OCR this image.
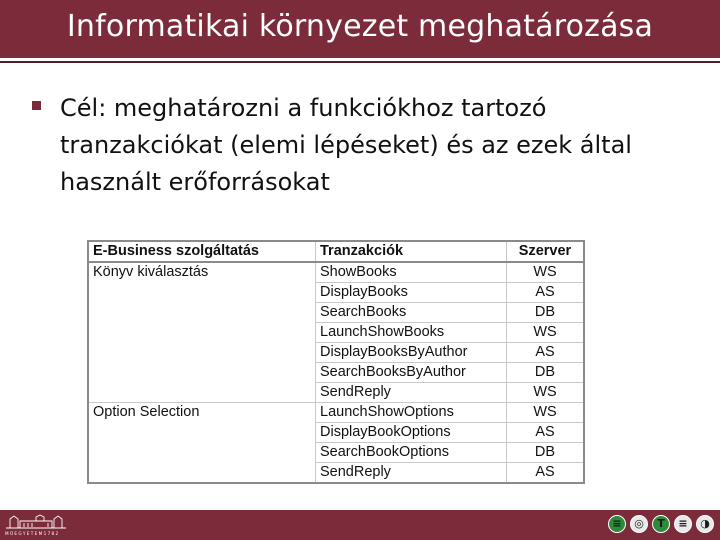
Informatikai környezet meghatározása
Cél: meghatározni a funkciókhoz tartozó tranzakciókat (elemi lépéseket) és az ezek által használt erőforrásokat
E-Business szolgáltatás	Tranzakciók	Szerver
Könyv kiválasztás	ShowBooks	WS
	DisplayBooks	AS
	SearchBooks	DB
	LaunchShowBooks	WS
	DisplayBooksByAuthor	AS
	SearchBooksByAuthor	DB
	SendReply	WS
Option Selection	LaunchShowOptions	WS
	DisplayBookOptions	AS
	SearchBookOptions	DB
	SendReply	AS
M Ű E G Y E T E M 1 7 8 2
≡	◎	T	≡	◑
